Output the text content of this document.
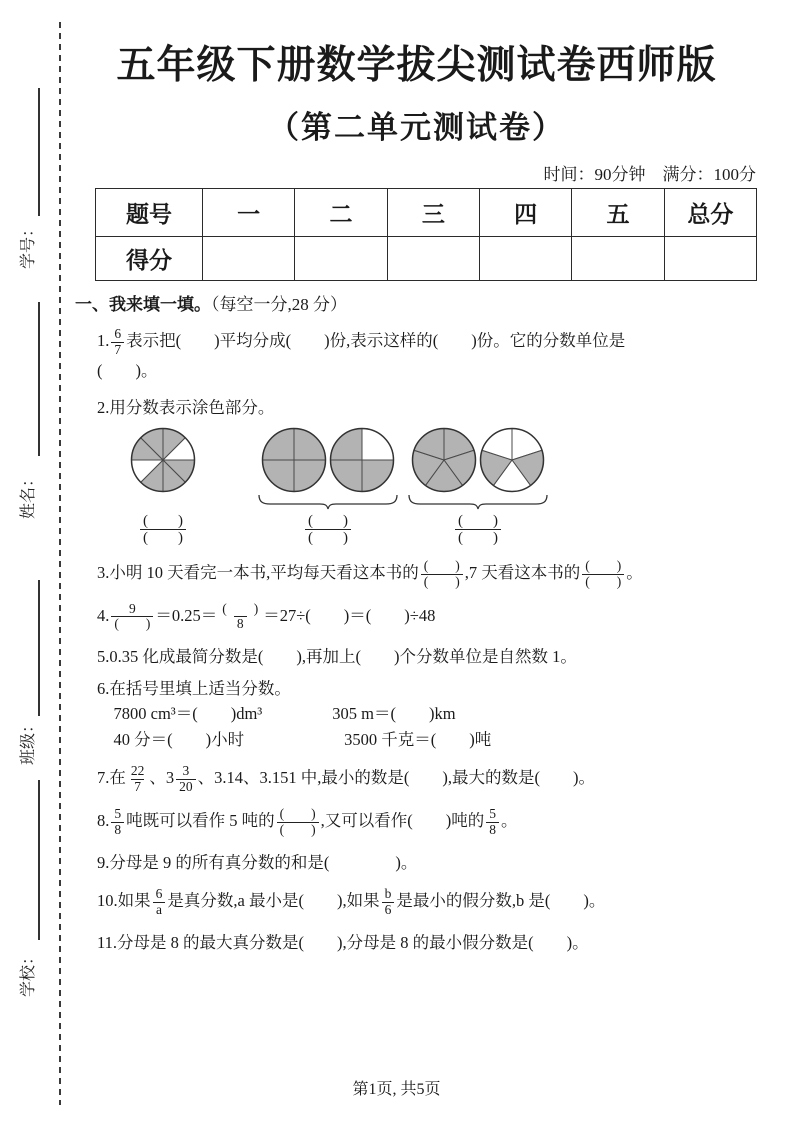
学号：
姓名：
班级：
学校：
五年级下册数学拔尖测试卷西师版
（第二单元测试卷）
时间：90分钟　满分：100分
题号	一	二	三	四	五	总分
得分						
一、我来填一填。（每空一分,28 分）
1. $\frac{6}{7}$ 表示把(　　)平均分成(　　)份,表示这样的(　　)份。它的分数单位是
(　　)。
2.用分数表示涂色部分。
$\frac{( )}{( )}$	$\frac{( )}{( )}$	$\frac{( )}{( )}$
3.小明 10 天看完一本书,平均每天看这本书的 $\frac{( )}{( )} ,7$ 天看这本书的 $\frac{( )}{( )}$ 。
4. $\frac{9}{( )} =0.25= \frac{( )}{8} =27\div$(　　)＝(　　)÷48
5.0.35 化成最简分数是(　　),再加上(　　)个分数单位是自然数 1。
6.在括号里填上适当分数。
　7800 cm³＝(　　)dm³	305 m＝(　　)km
　40 分＝(　　)小时	3500 千克＝(　　)吨
7.在 $\frac{22}{7}$ 、$3 \frac{3}{20}$ 、3.14、3.151 中,最小的数是(　　),最大的数是(　　)。
8. $\frac{5}{8}$ 吨既可以看作 5 吨的 $\frac{( )}{( )}$ ,又可以看作(　　)吨的 $\frac{5}{8}$ 。
9.分母是 9 的所有真分数的和是(　　　　)。
10.如果 $\frac{6}{a}$ 是真分数,a 最小是(　　),如果 $\frac{b}{6}$ 是最小的假分数,b 是(　　)。
11.分母是 8 的最大真分数是(　　),分母是 8 的最小假分数是(　　)。
第1页, 共5页
